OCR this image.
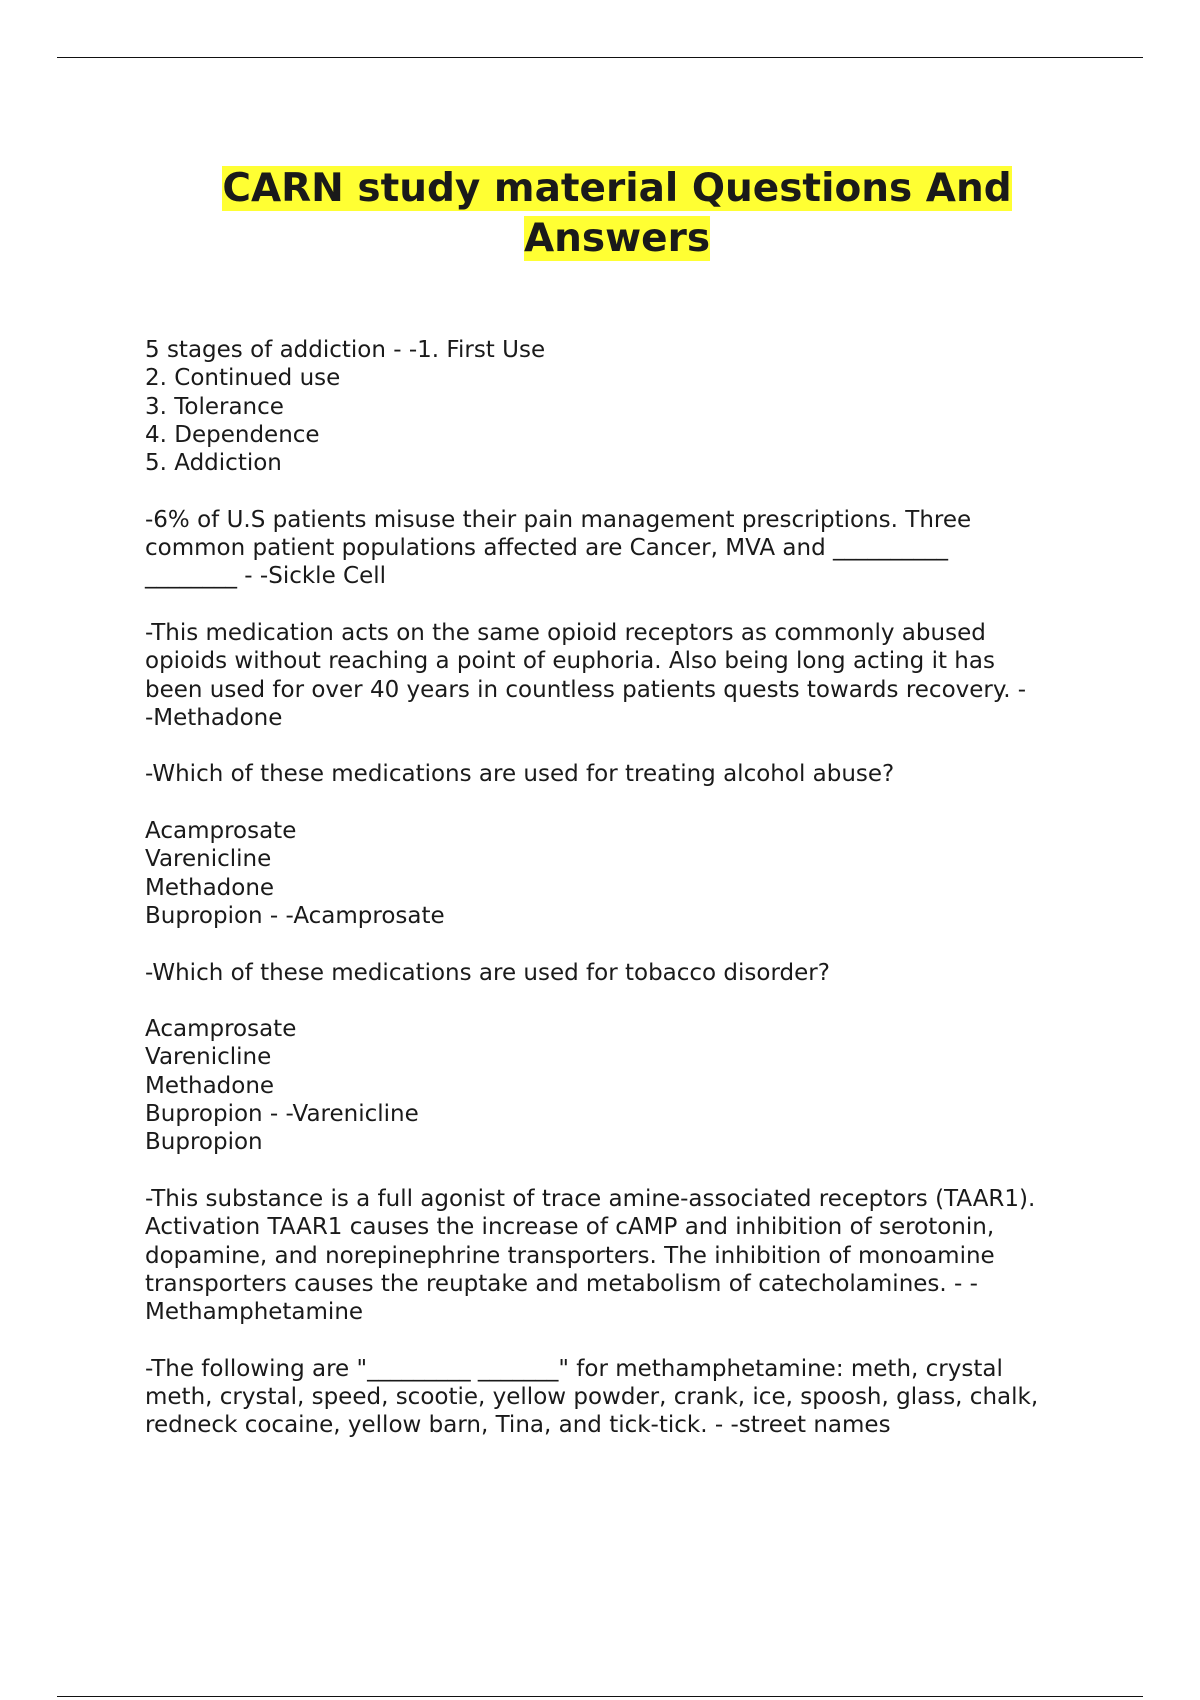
CARN study material Questions And
Answers
5 stages of addiction - -1. First Use
2. Continued use
3. Tolerance
4. Dependence
5. Addiction
-6% of U.S patients misuse their pain management prescriptions. Three
common patient populations affected are Cancer, MVA and __________
________ - -Sickle Cell
-This medication acts on the same opioid receptors as commonly abused
opioids without reaching a point of euphoria. Also being long acting it has
been used for over 40 years in countless patients quests towards recovery. -
-Methadone
-Which of these medications are used for treating alcohol abuse?
Acamprosate
Varenicline
Methadone
Bupropion - -Acamprosate
-Which of these medications are used for tobacco disorder?
Acamprosate
Varenicline
Methadone
Bupropion - -Varenicline
Bupropion
-This substance is a full agonist of trace amine-associated receptors (TAAR1).
Activation TAAR1 causes the increase of cAMP and inhibition of serotonin,
dopamine, and norepinephrine transporters. The inhibition of monoamine
transporters causes the reuptake and metabolism of catecholamines. - -
Methamphetamine
-The following are "_________ _______" for methamphetamine: meth, crystal
meth, crystal, speed, scootie, yellow powder, crank, ice, spoosh, glass, chalk,
redneck cocaine, yellow barn, Tina, and tick-tick. - -street names
